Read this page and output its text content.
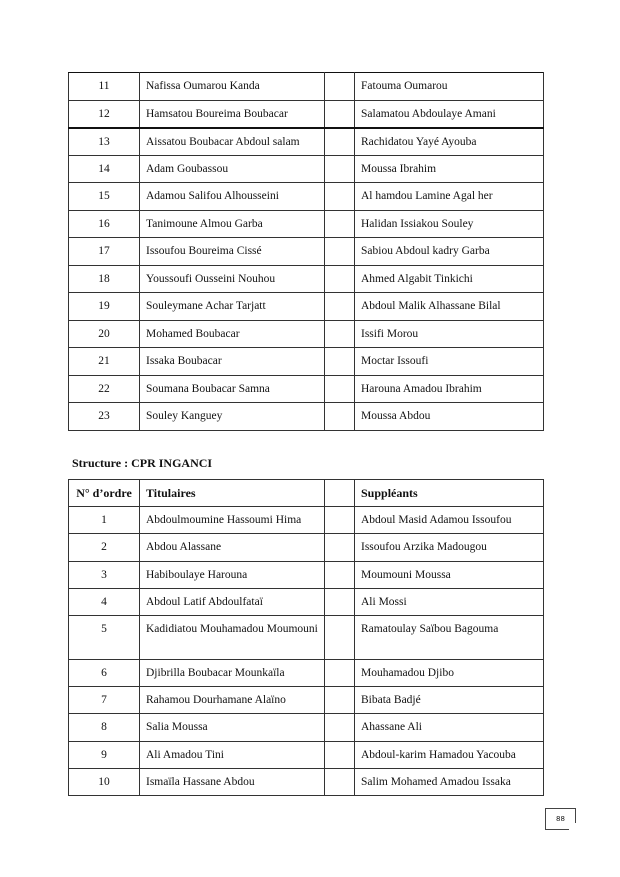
11	Nafissa Oumarou Kanda		Fatouma Oumarou
12	Hamsatou Boureima Boubacar		Salamatou Abdoulaye Amani
13	Aissatou Boubacar Abdoul salam		Rachidatou Yayé Ayouba
14	Adam Goubassou		Moussa Ibrahim
15	Adamou Salifou Alhousseini		Al hamdou Lamine Agal her
16	Tanimoune Almou Garba		Halidan Issiakou Souley
17	Issoufou Boureima Cissé		Sabiou Abdoul kadry Garba
18	Youssoufi Ousseini Nouhou		Ahmed Algabit Tinkichi
19	Souleymane Achar Tarjatt		Abdoul Malik Alhassane Bilal
20	Mohamed Boubacar		Issifi Morou
21	Issaka Boubacar		Moctar Issoufi
22	Soumana Boubacar Samna		Harouna Amadou Ibrahim
23	Souley Kanguey		Moussa Abdou
Structure : CPR INGANCI
N° d’ordre	Titulaires		Suppléants
1	Abdoulmoumine Hassoumi Hima		Abdoul Masid Adamou Issoufou
2	Abdou Alassane		Issoufou Arzika Madougou
3	Habiboulaye Harouna		Moumouni Moussa
4	Abdoul Latif Abdoulfataï		Ali Mossi
5	Kadidiatou Mouhamadou Moumouni		Ramatoulay Saïbou Bagouma
6	Djibrilla Boubacar Mounkaïla		Mouhamadou Djibo
7	Rahamou Dourhamane Alaïno		Bibata Badjé
8	Salia Moussa		Ahassane Ali
9	Ali Amadou Tini		Abdoul-karim Hamadou Yacouba
10	Ismaïla Hassane Abdou		Salim Mohamed Amadou Issaka
88
